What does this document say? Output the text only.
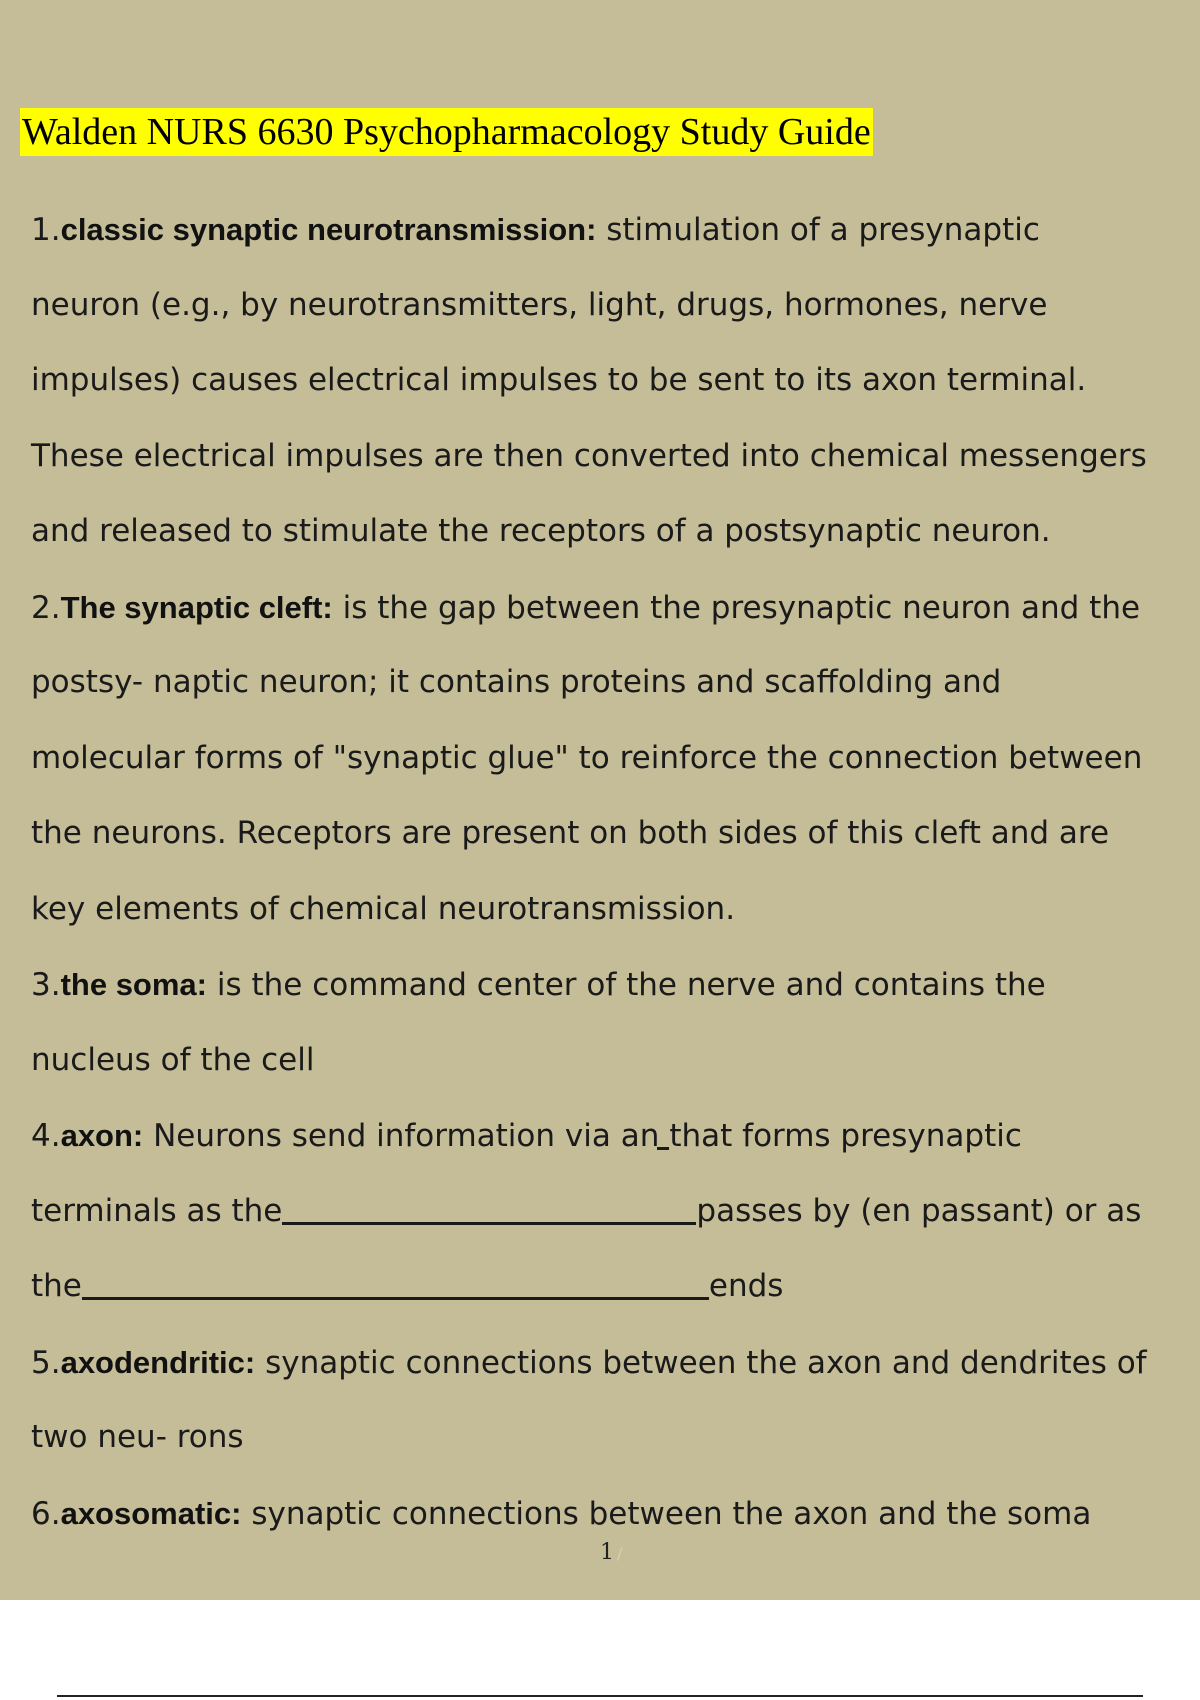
Walden NURS 6630 Psychopharmacology Study Guide
1.classic synaptic neurotransmission: stimulation of a presynaptic
neuron (e.g., by neurotransmitters, light, drugs, hormones, nerve
impulses) causes electrical impulses to be sent to its axon terminal.
These electrical impulses are then converted into chemical messengers
and released to stimulate the receptors of a postsynaptic neuron.
2.The synaptic cleft: is the gap between the presynaptic neuron and the
postsy- naptic neuron; it contains proteins and scaffolding and
molecular forms of "synaptic glue" to reinforce the connection between
the neurons. Receptors are present on both sides of this cleft and are
key elements of chemical neurotransmission.
3.the soma: is the command center of the nerve and contains the
nucleus of the cell
4.axon: Neurons send information via an that forms presynaptic
terminals as the	passes by (en passant) or as
the	ends
5.axodendritic: synaptic connections between the axon and dendrites of
two neu- rons
6.axosomatic: synaptic connections between the axon and the soma
1 /
